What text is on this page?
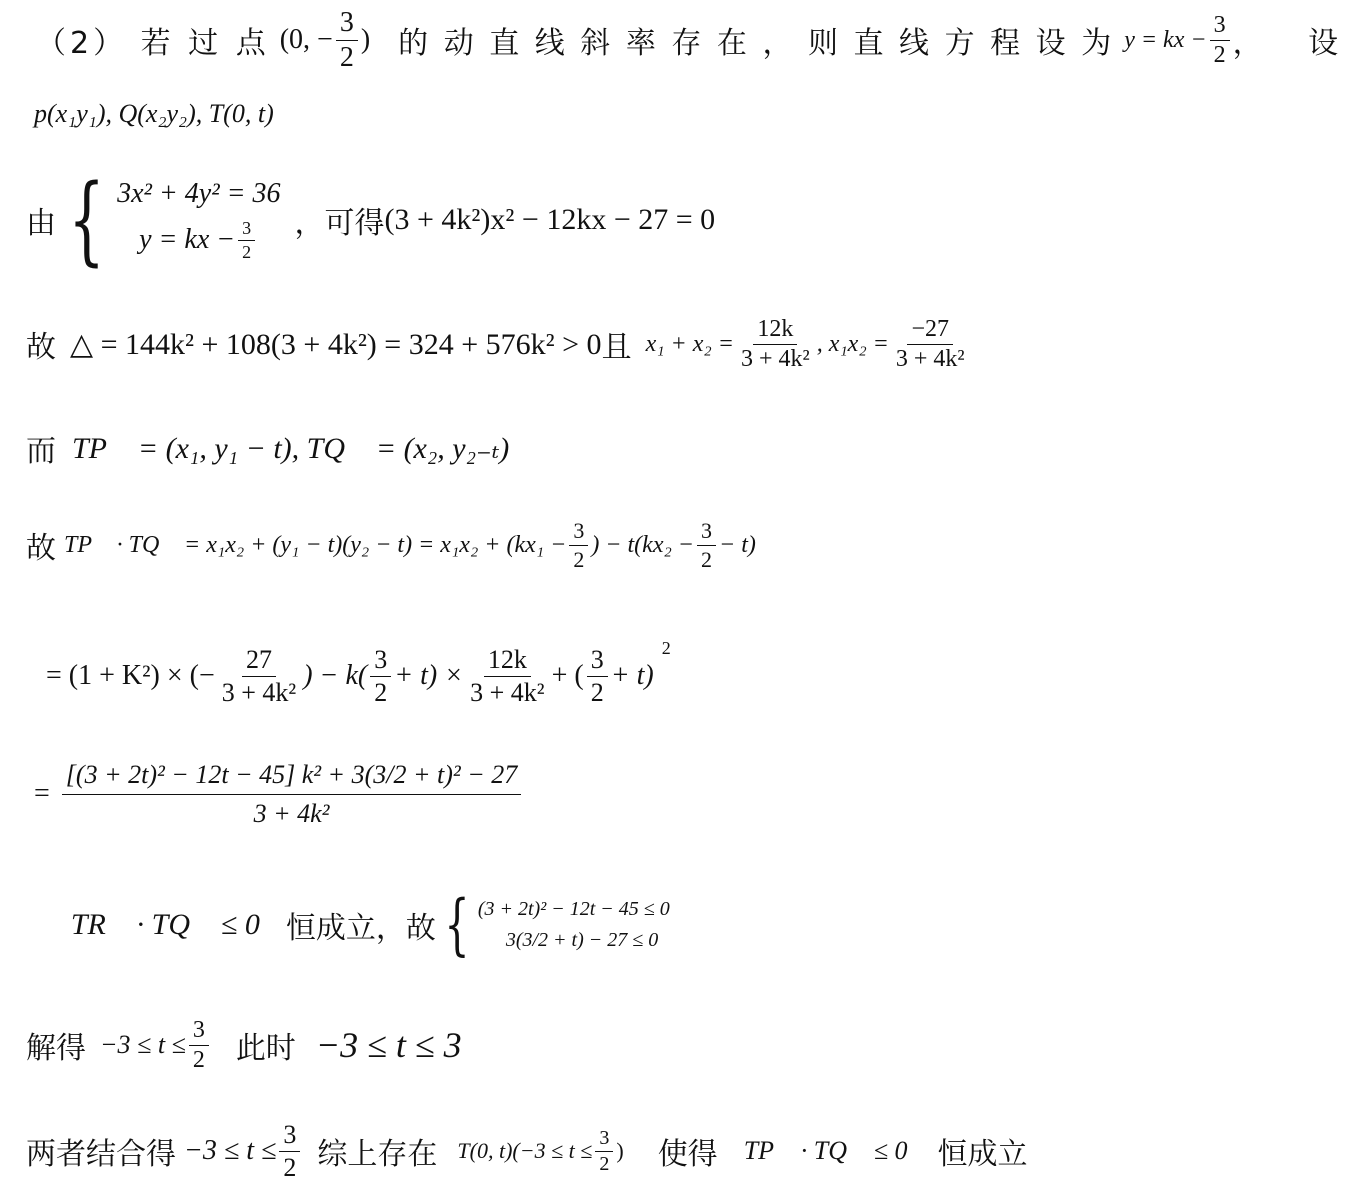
（2） 若 过 点 (0, − $\frac{3}{2}$ ) 的 动 直 线 斜 率 存 在 ， 则 直 线 方 程 设 为 y = kx − $\frac{3}{2}$ ， 设
p(x₁y₁), Q(x₂y₂), T(0, t)
由 { 3x² + 4y² = 36
y = kx − $\frac{3}{2}$ ， 可得 (3 + 4k²)x² − 12kx − 27 = 0
故 △ = 144k² + 108(3 + 4k²) = 324 + 576k² > 0 且 $x_1 + x_2 = \frac{12k}{\text{3 + 4k²}}$ , $x_1x_2 = \frac{-27}{\text{3 + 4k²}}$
而 TP⃗ = (x₁, y₁ − t), TQ⃗ = (x₂, y₂₋ₜ)
故 TP⃗ · TQ⃗ = $x_1x_2 + (y_1 - t)(y_2 - t) = x_1x_2 + (kx_1 - \frac{3}{2}$ ) − $t(kx_2 - \frac{3}{2} - t)$
= (1 + K²) × (− $\frac{27}{\text{3 + 4k²}}$ ) − $k( \frac{3}{2} + t) \times \frac{12k}{\text{3 + 4k²}}$ + ( $\frac{3}{2} + t$)
2
= $\frac{\text{[(3 + 2t)² − 12t − 45] k² + 3(3/2 + t)² − 27}}{\text{3 + 4k²}}$
∵ TR⃗ · TQ⃗ ≤ 0 恒成立，故 { (3 + 2t)² − 12t − 45 ≤ 0
3(3/2 + t) − 27 ≤ 0
解得 $-3 \le t \le \frac{3}{2}$ 此时 −3 ≤ t ≤ 3
两者结合得 $-3 \le t \le \frac{3}{2}$ 综上存在 T(0, $t)(-3 \le t \le \frac{3}{2}$ ) 使得 TP⃗ · TQ⃗ ≤ 0 恒成立
